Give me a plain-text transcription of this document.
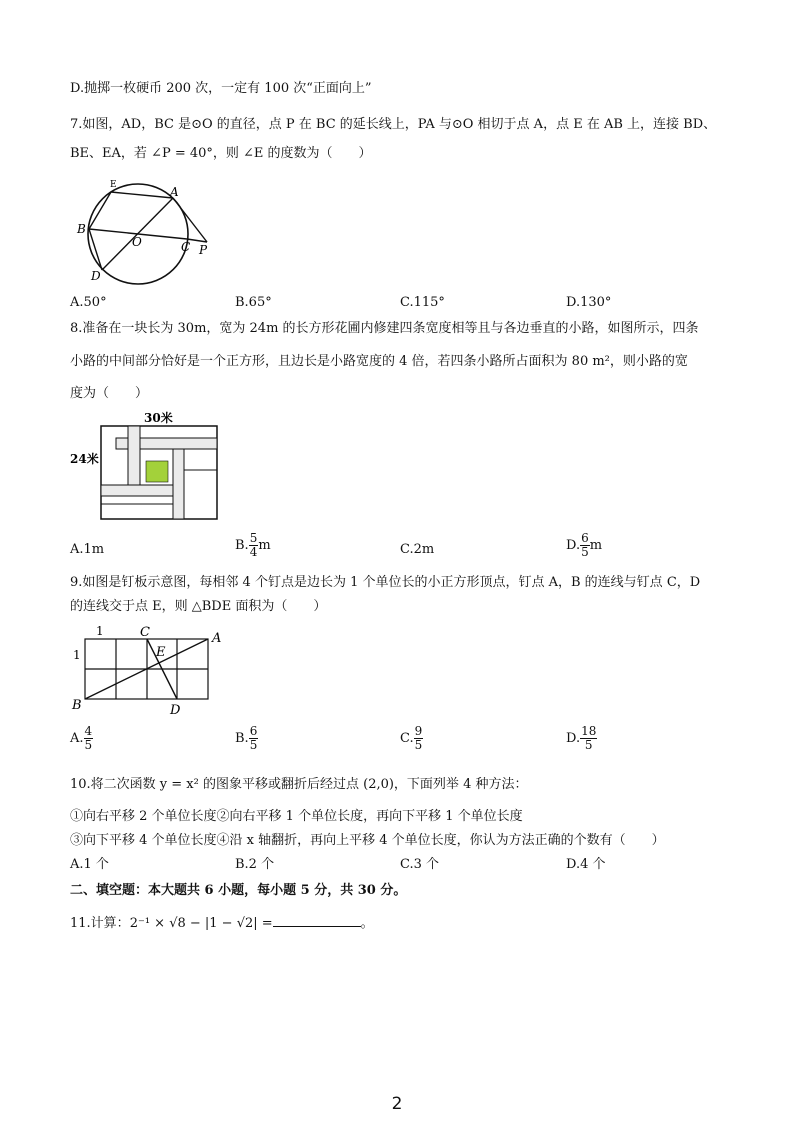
D.抛掷一枚硬币 200 次，一定有 100 次“正面向上”
7.如图，AD，BC 是⊙O 的直径，点 P 在 BC 的延长线上，PA 与⊙O 相切于点 A，点 E 在 AB 上，连接 BD、
BE、EA，若 ∠P = 40°，则 ∠E 的度数为（　　）
E	A
B
O	C P
D
A.50°	B.65°	C.115°	D.130°
8.准备在一块长为 30m，宽为 24m 的长方形花圃内修建四条宽度相等且与各边垂直的小路，如图所示，四条
小路的中间部分恰好是一个正方形，且边长是小路宽度的 4 倍，若四条小路所占面积为 80 m²，则小路的宽
度为（　　）
30米
24米
A.1m	B. $\frac{5}{4}$ m	C.2m	D. $\frac{6}{5}$ m
9.如图是钉板示意图，每相邻 4 个钉点是边长为 1 个单位长的小正方形顶点，钉点 A，B 的连线与钉点 C，D
的连线交于点 E，则 △BDE 面积为（　　）
1
1
C
E
A
B	D
A. $\frac{4}{5}$	B. $\frac{6}{5}$	C. $\frac{9}{5}$	D. $\frac{18}{5}$
10.将二次函数 y = x² 的图象平移或翻折后经过点 (2,0)，下面列举 4 种方法：
①向右平移 2 个单位长度②向右平移 1 个单位长度，再向下平移 1 个单位长度
③向下平移 4 个单位长度④沿 x 轴翻折，再向上平移 4 个单位长度，你认为方法正确的个数有（　　）
A.1 个	B.2 个	C.3 个	D.4 个
二、填空题：本大题共 6 小题，每小题 5 分，共 30 分。
11.计算：2⁻¹ × √8 − |1 − √2| =	。
2
